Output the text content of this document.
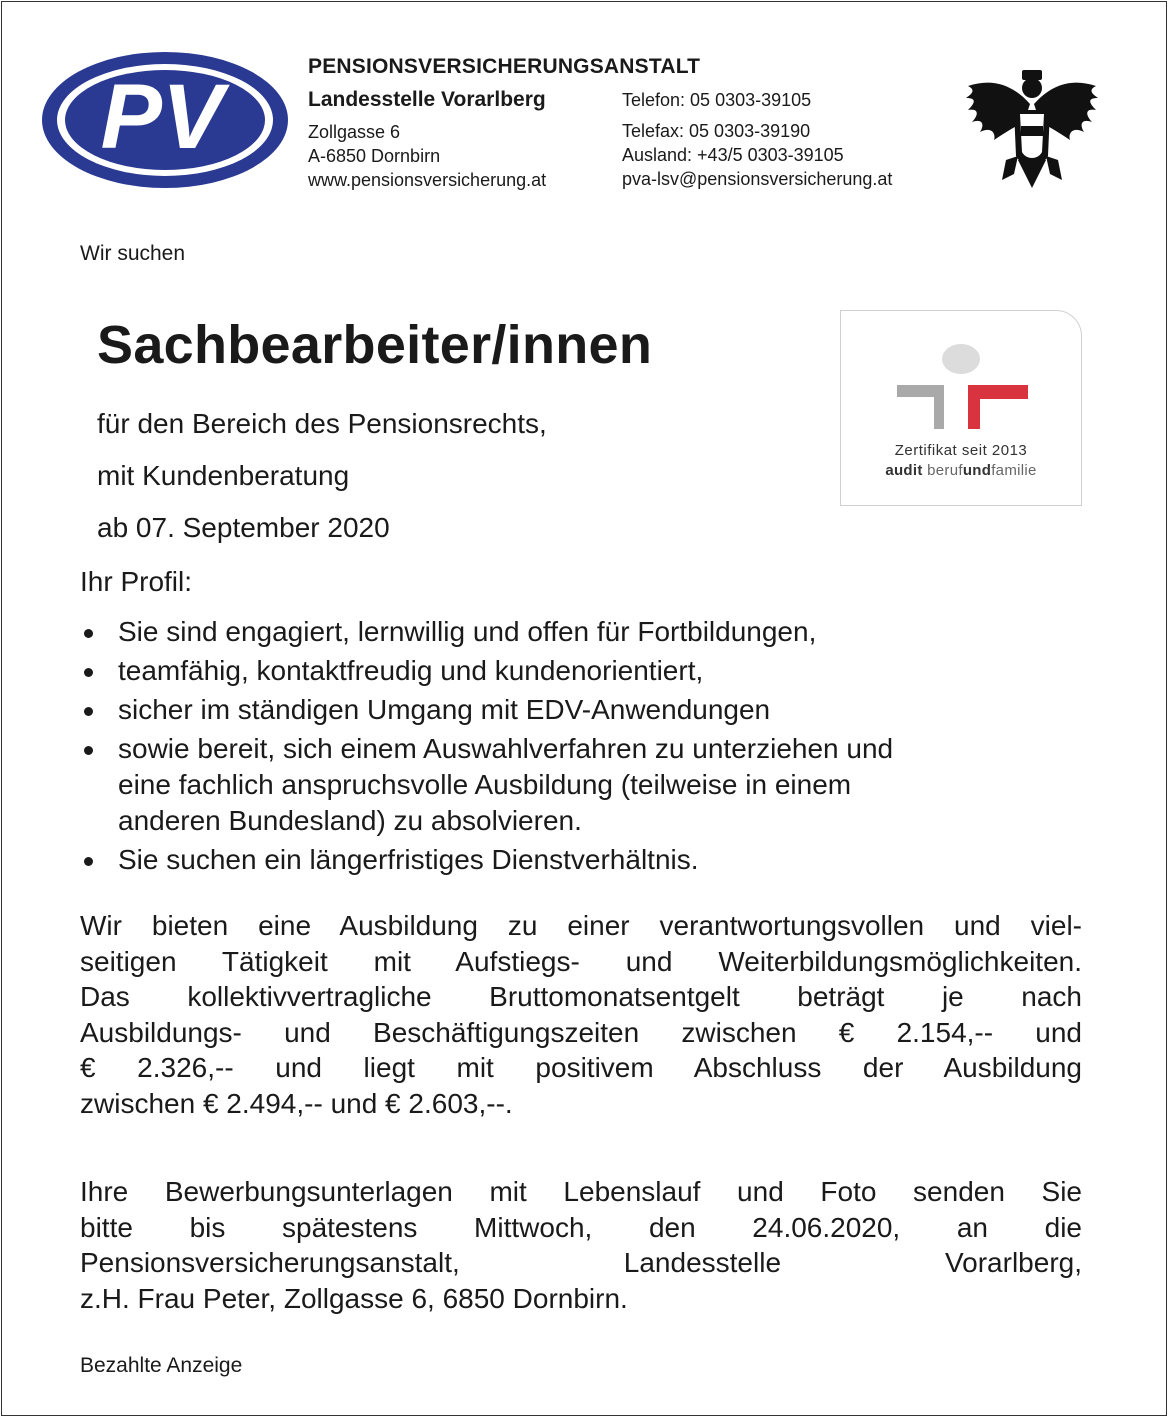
PV	PENSIONSVERSICHERUNGSANSTALT
Landesstelle Vorarlberg
Zollgasse 6
A-6850 Dornbirn
www.pensionsversicherung.at
Telefon: 05 0303-39105
Telefax: 05 0303-39190
Ausland: +43/5 0303-39105
pva-lsv@pensionsversicherung.at
Wir suchen
Sachbearbeiter/innen
für den Bereich des Pensionsrechts,
mit Kundenberatung
ab 07. September 2020
Zertifikat seit 2013
audit berufundfamilie
Ihr Profil:
Sie sind engagiert, lernwillig und offen für Fortbildungen,
teamfähig, kontaktfreudig und kundenorientiert,
sicher im ständigen Umgang mit EDV-Anwendungen
sowie bereit, sich einem Auswahlverfahren zu unterziehen und
eine fachlich anspruchsvolle Ausbildung (teilweise in einem
anderen Bundesland) zu absolvieren.
Sie suchen ein längerfristiges Dienstverhältnis.
Wir bieten eine Ausbildung zu einer verantwortungsvollen und viel-
seitigen Tätigkeit mit Aufstiegs- und Weiterbildungsmöglichkeiten.
Das kollektivvertragliche Bruttomonatsentgelt beträgt je nach
Ausbildungs- und Beschäftigungszeiten zwischen € 2.154,-- und
€ 2.326,-- und liegt mit positivem Abschluss der Ausbildung
zwischen € 2.494,-- und € 2.603,--.
Ihre Bewerbungsunterlagen mit Lebenslauf und Foto senden Sie
bitte bis spätestens Mittwoch, den 24.06.2020, an die
Pensionsversicherungsanstalt, Landesstelle Vorarlberg,
z.H. Frau Peter, Zollgasse 6, 6850 Dornbirn.
Bezahlte Anzeige
